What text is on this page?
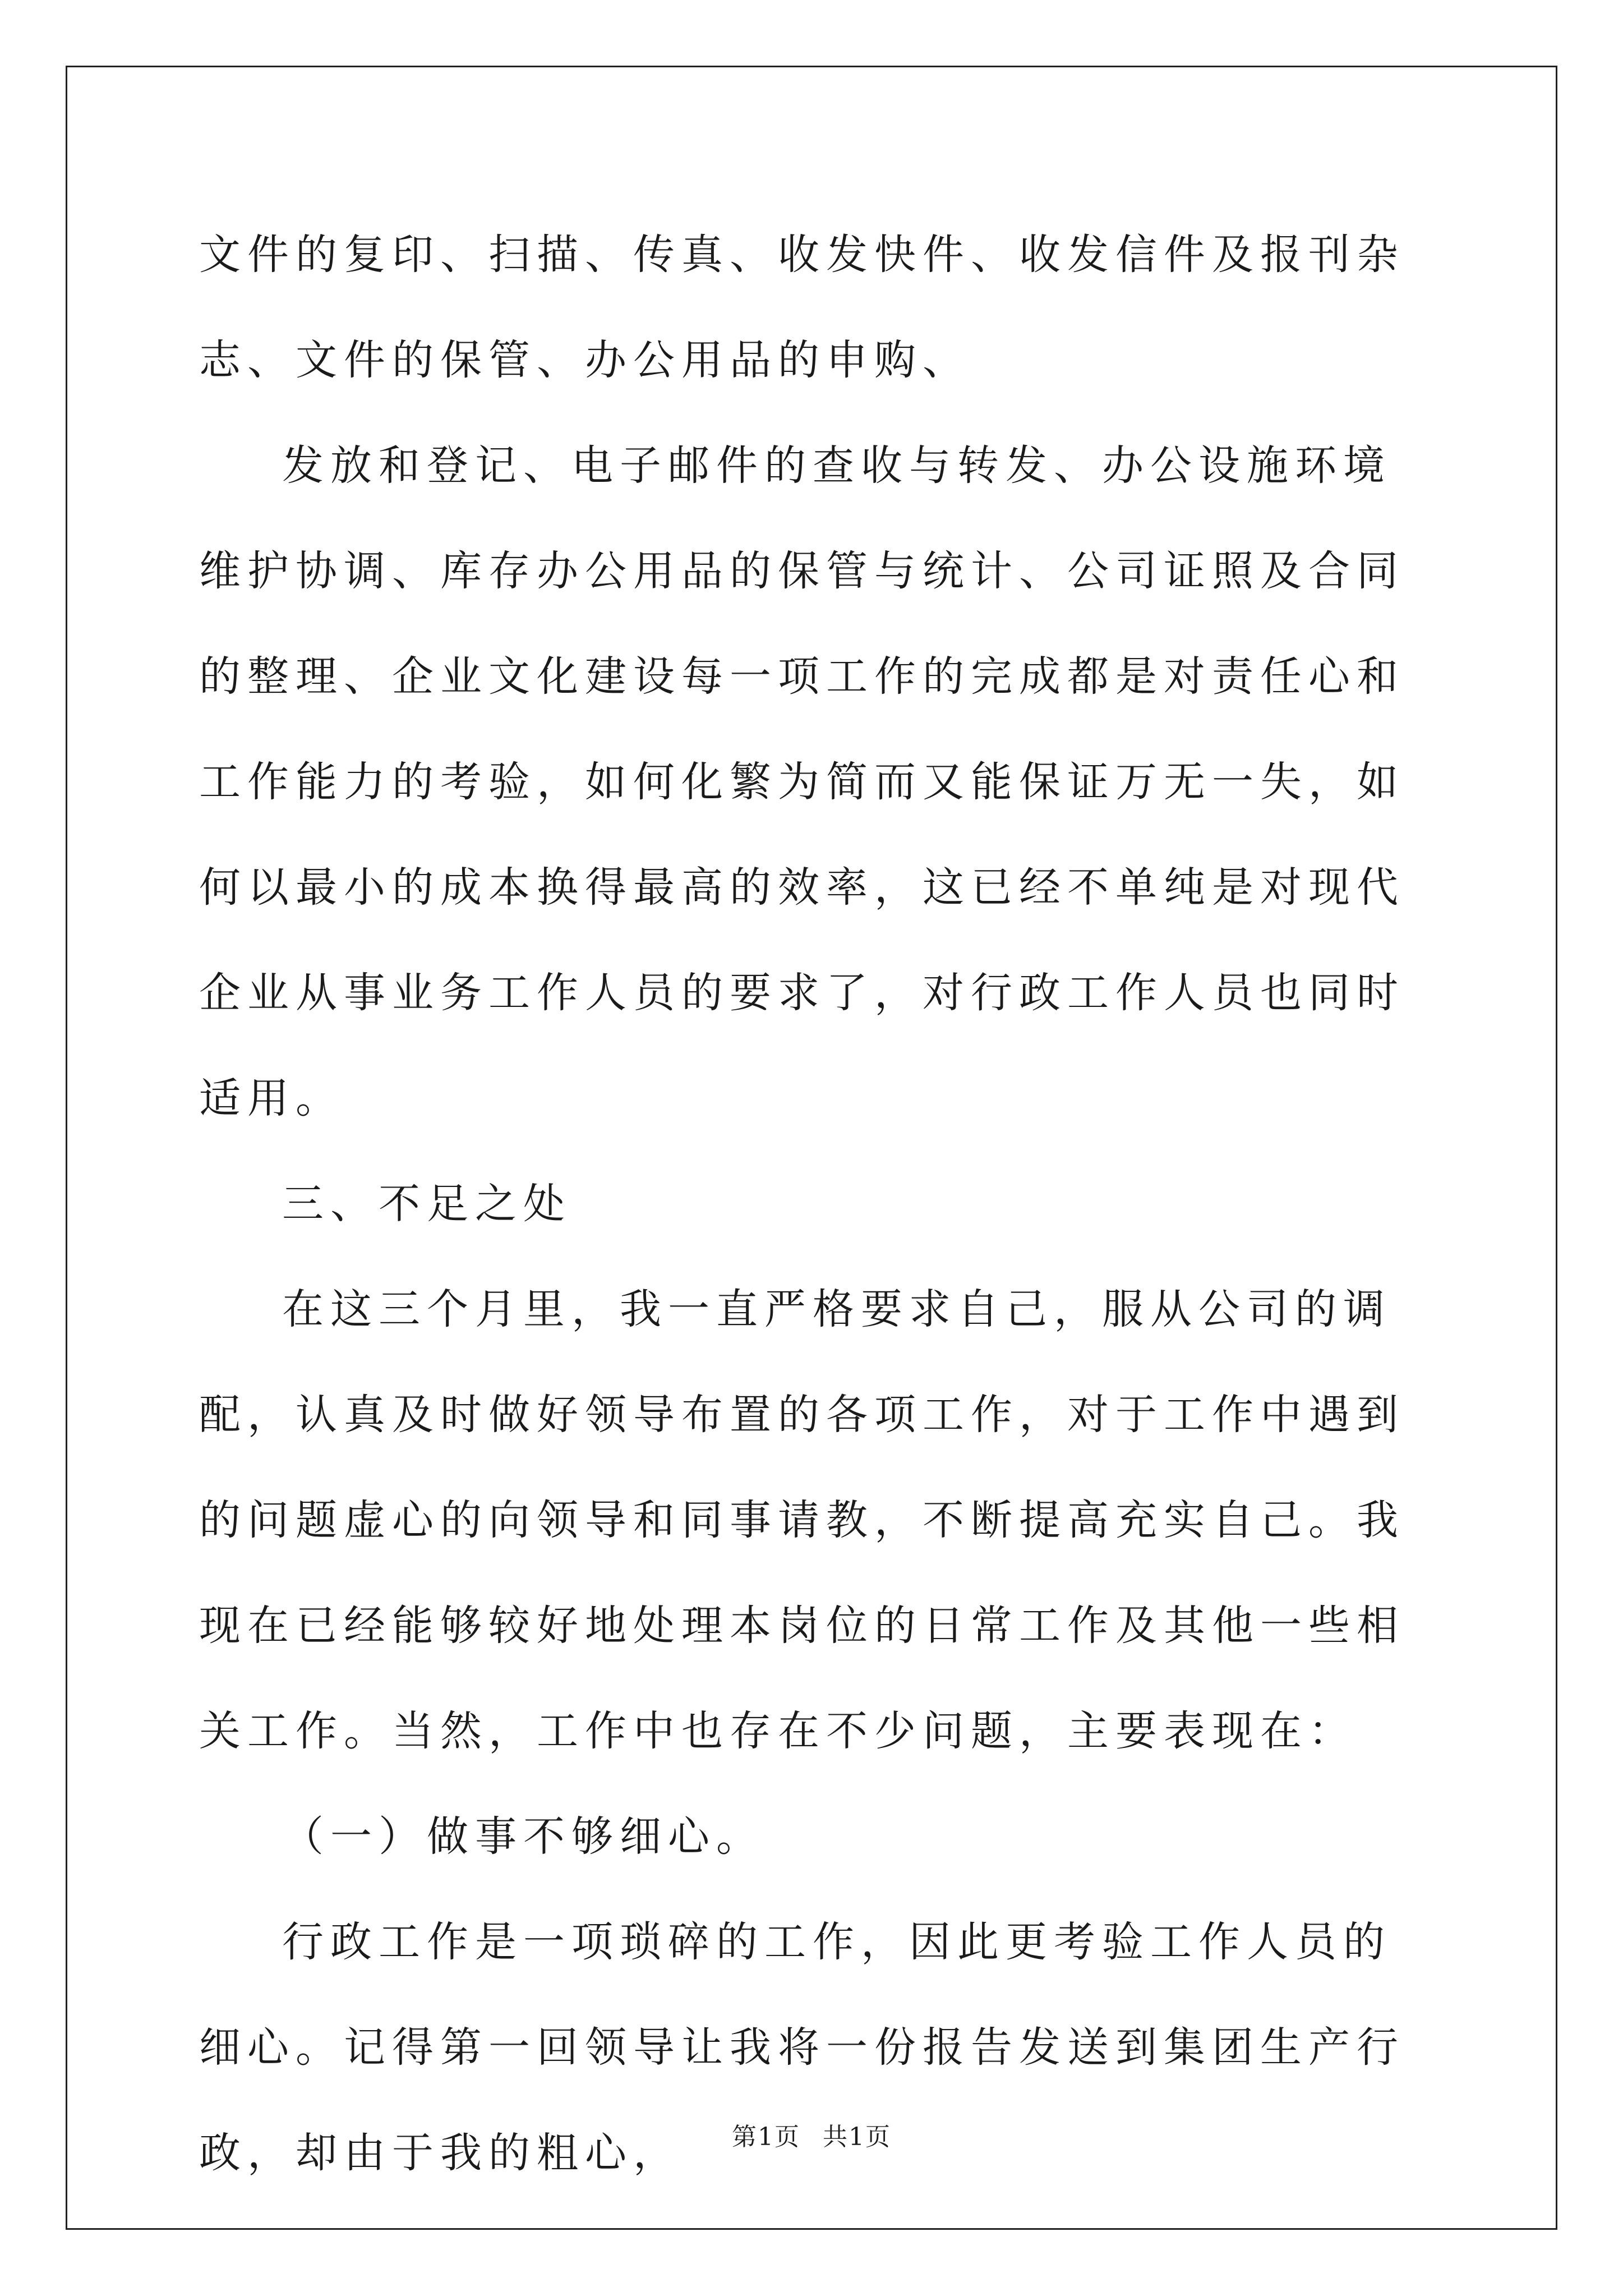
文件的复印、扫描、传真、收发快件、收发信件及报刊杂志、文件的保管、办公用品的申购、

发放和登记、电子邮件的查收与转发、办公设施环境维护协调、库存办公用品的保管与统计、公司证照及合同的整理、企业文化建设每一项工作的完成都是对责任心和工作能力的考验，如何化繁为简而又能保证万无一失，如何以最小的成本换得最高的效率，这已经不单纯是对现代企业从事业务工作人员的要求了，对行政工作人员也同时适用。

三、不足之处

在这三个月里，我一直严格要求自己，服从公司的调配，认真及时做好领导布置的各项工作，对于工作中遇到的问题虚心的向领导和同事请教，不断提高充实自己。我现在已经能够较好地处理本岗位的日常工作及其他一些相关工作。当然，工作中也存在不少问题，主要表现在：

（一）做事不够细心。

行政工作是一项琐碎的工作，因此更考验工作人员的细心。记得第一回领导让我将一份报告发送到集团生产行政，却由于我的粗心，	第1页 共1页
